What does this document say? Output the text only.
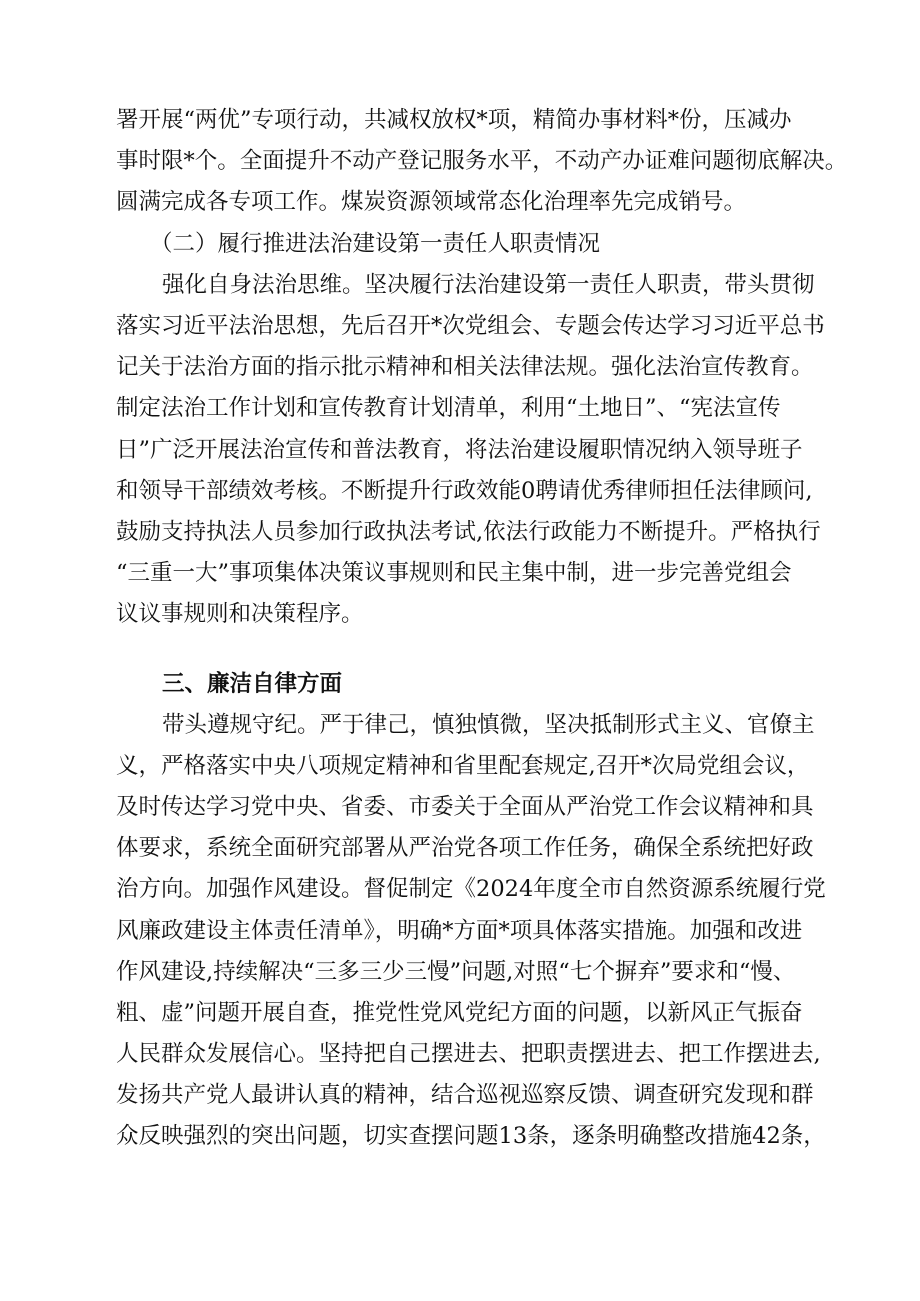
署开展“两优”专项行动，共减权放权*项，精简办事材料*份，压减办
事时限*个。全面提升不动产登记服务水平，不动产办证难问题彻底解决。
圆满完成各专项工作。煤炭资源领域常态化治理率先完成销号。
（二）履行推进法治建设第一责任人职责情况
强化自身法治思维。坚决履行法治建设第一责任人职责，带头贯彻
落实习近平法治思想，先后召开*次党组会、专题会传达学习习近平总书
记关于法治方面的指示批示精神和相关法律法规。强化法治宣传教育。
制定法治工作计划和宣传教育计划清单，利用“土地日”、“宪法宣传
日”广泛开展法治宣传和普法教育，将法治建设履职情况纳入领导班子
和领导干部绩效考核。不断提升行政效能0聘请优秀律师担任法律顾问,
鼓励支持执法人员参加行政执法考试,依法行政能力不断提升。严格执行
“三重一大”事项集体决策议事规则和民主集中制，进一步完善党组会
议议事规则和决策程序。
三、廉洁自律方面
带头遵规守纪。严于律己，慎独慎微，坚决抵制形式主义、官僚主
义，严格落实中央八项规定精神和省里配套规定,召开*次局党组会议，
及时传达学习党中央、省委、市委关于全面从严治党工作会议精神和具
体要求，系统全面研究部署从严治党各项工作任务，确保全系统把好政
治方向。加强作风建设。督促制定《2024年度全市自然资源系统履行党
风廉政建设主体责任清单》，明确*方面*项具体落实措施。加强和改进
作风建设,持续解决“三多三少三慢”问题,对照“七个摒弃”要求和“慢、
粗、虚”问题开展自查，推党性党风党纪方面的问题，以新风正气振奋
人民群众发展信心。坚持把自己摆进去、把职责摆进去、把工作摆进去,
发扬共产党人最讲认真的精神，结合巡视巡察反馈、调查研究发现和群
众反映强烈的突出问题，切实查摆问题13条，逐条明确整改措施42条，
